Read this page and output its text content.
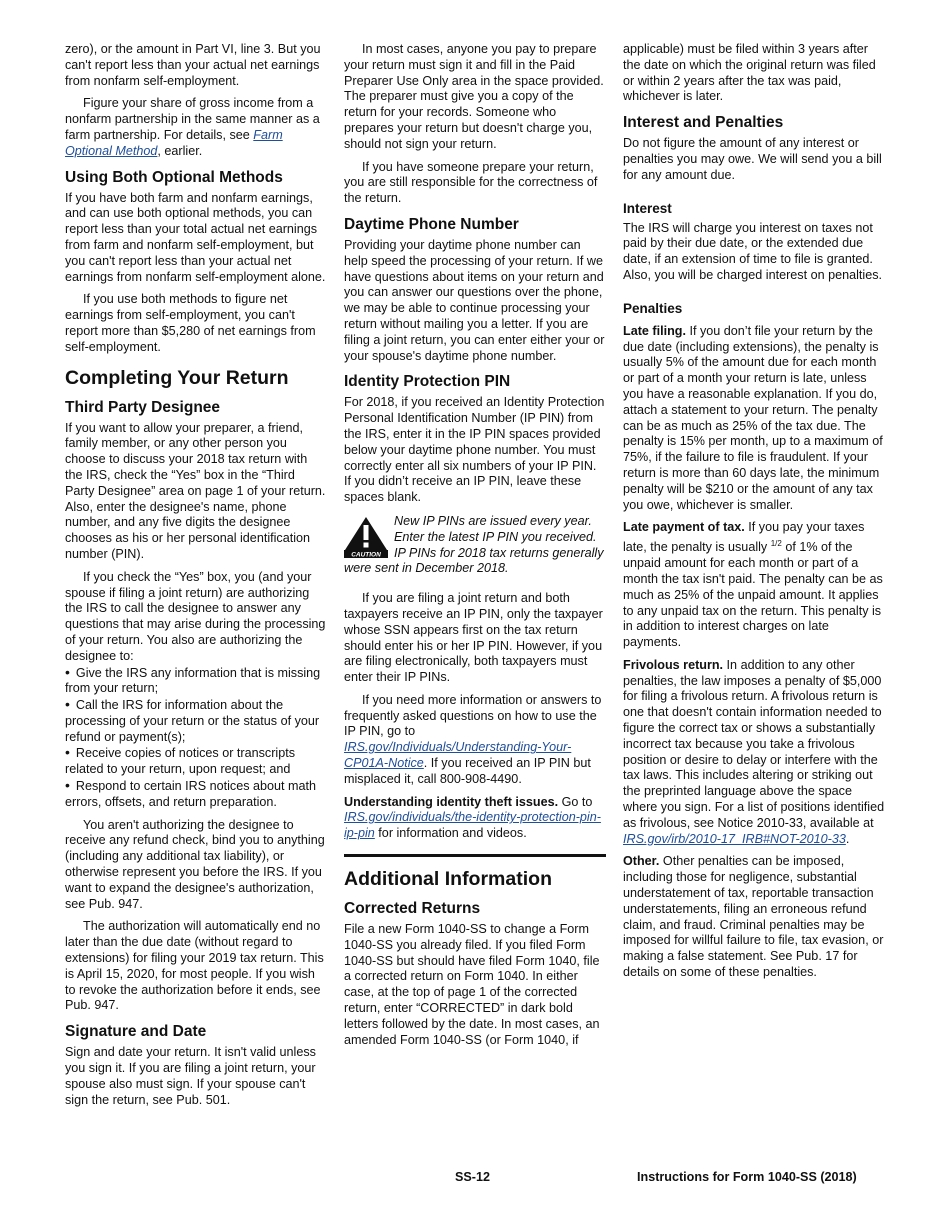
zero), or the amount in Part VI, line 3. But you can't report less than your actual net earnings from nonfarm self-employment.

Figure your share of gross income from a nonfarm partnership in the same manner as a farm partnership. For details, see Farm Optional Method, earlier.

Using Both Optional Methods

If you have both farm and nonfarm earnings, and can use both optional methods, you can report less than your total actual net earnings from farm and nonfarm self-employment, but you can't report less than your actual net earnings from nonfarm self-employment alone.

If you use both methods to figure net earnings from self-employment, you can't report more than $5,280 of net earnings from self-employment.

Completing Your Return
Third Party Designee

If you want to allow your preparer, a friend, family member, or any other person you choose to discuss your 2018 tax return with the IRS, check the “Yes” box in the “Third Party Designee” area on page 1 of your return. Also, enter the designee's name, phone number, and any five digits the designee chooses as his or her personal identification number (PIN).

If you check the “Yes” box, you (and your spouse if filing a joint return) are authorizing the IRS to call the designee to answer any questions that may arise during the processing of your return. You also are authorizing the designee to:

• Give the IRS any information that is missing from your return;
• Call the IRS for information about the processing of your return or the status of your refund or payment(s);
• Receive copies of notices or transcripts related to your return, upon request; and
• Respond to certain IRS notices about math errors, offsets, and return preparation.

You aren't authorizing the designee to receive any refund check, bind you to anything (including any additional tax liability), or otherwise represent you before the IRS. If you want to expand the designee's authorization, see Pub. 947.

The authorization will automatically end no later than the due date (without regard to extensions) for filing your 2019 tax return. This is April 15, 2020, for most people. If you wish to revoke the authorization before it ends, see Pub. 947.

Signature and Date

Sign and date your return. It isn't valid unless you sign it. If you are filing a joint return, your spouse also must sign. If your spouse can't sign the return, see Pub. 501.

In most cases, anyone you pay to prepare your return must sign it and fill in the Paid Preparer Use Only area in the space provided. The preparer must give you a copy of the return for your records. Someone who prepares your return but doesn't charge you, should not sign your return.

If you have someone prepare your return, you are still responsible for the correctness of the return.

Daytime Phone Number

Providing your daytime phone number can help speed the processing of your return. If we have questions about items on your return and you can answer our questions over the phone, we may be able to continue processing your return without mailing you a letter. If you are filing a joint return, you can enter either your or your spouse's daytime phone number.

Identity Protection PIN

For 2018, if you received an Identity Protection Personal Identification Number (IP PIN) from the IRS, enter it in the IP PIN spaces provided below your daytime phone number. You must correctly enter all six numbers of your IP PIN. If you didn’t receive an IP PIN, leave these spaces blank.

CAUTION
New IP PINs are issued every year. Enter the latest IP PIN you received. IP PINs for 2018 tax returns generally were sent in December 2018.

If you are filing a joint return and both taxpayers receive an IP PIN, only the taxpayer whose SSN appears first on the tax return should enter his or her IP PIN. However, if you are filing electronically, both taxpayers must enter their IP PINs.

If you need more information or answers to frequently asked questions on how to use the IP PIN, go to IRS.gov/Individuals/Understanding-Your-CP01A-Notice. If you received an IP PIN but misplaced it, call 800-908-4490.

Understanding identity theft issues. Go to IRS.gov/individuals/the-identity-protection-pin-ip-pin for information and videos.

Additional Information
Corrected Returns

File a new Form 1040-SS to change a Form 1040-SS you already filed. If you filed Form 1040-SS but should have filed Form 1040, file a corrected return on Form 1040. In either case, at the top of page 1 of the corrected return, enter “CORRECTED” in dark bold letters followed by the date. In most cases, an amended Form 1040-SS (or Form 1040, if

applicable) must be filed within 3 years after the date on which the original return was filed or within 2 years after the tax was paid, whichever is later.

Interest and Penalties

Do not figure the amount of any interest or penalties you may owe. We will send you a bill for any amount due.

Interest

The IRS will charge you interest on taxes not paid by their due date, or the extended due date, if an extension of time to file is granted. Also, you will be charged interest on penalties.

Penalties

Late filing. If you don’t file your return by the due date (including extensions), the penalty is usually 5% of the amount due for each month or part of a month your return is late, unless you have a reasonable explanation. If you do, attach a statement to your return. The penalty can be as much as 25% of the tax due. The penalty is 15% per month, up to a maximum of 75%, if the failure to file is fraudulent. If your return is more than 60 days late, the minimum penalty will be $210 or the amount of any tax you owe, whichever is smaller.

Late payment of tax. If you pay your taxes late, the penalty is usually $^{1/2}$ of 1% of the unpaid amount for each month or part of a month the tax isn't paid. The penalty can be as much as 25% of the unpaid amount. It applies to any unpaid tax on the return. This penalty is in addition to interest charges on late payments.

Frivolous return. In addition to any other penalties, the law imposes a penalty of $5,000 for filing a frivolous return. A frivolous return is one that doesn't contain information needed to figure the correct tax or shows a substantially incorrect tax because you take a frivolous position or desire to delay or interfere with the tax laws. This includes altering or striking out the preprinted language above the space where you sign. For a list of positions identified as frivolous, see Notice 2010-33, available at IRS.gov/irb/2010-17_IRB#NOT-2010-33.

Other. Other penalties can be imposed, including those for negligence, substantial understatement of tax, reportable transaction understatements, filing an erroneous refund claim, and fraud. Criminal penalties may be imposed for willful failure to file, tax evasion, or making a false statement. See Pub. 17 for details on some of these penalties.

SS-12	Instructions for Form 1040-SS (2018)
